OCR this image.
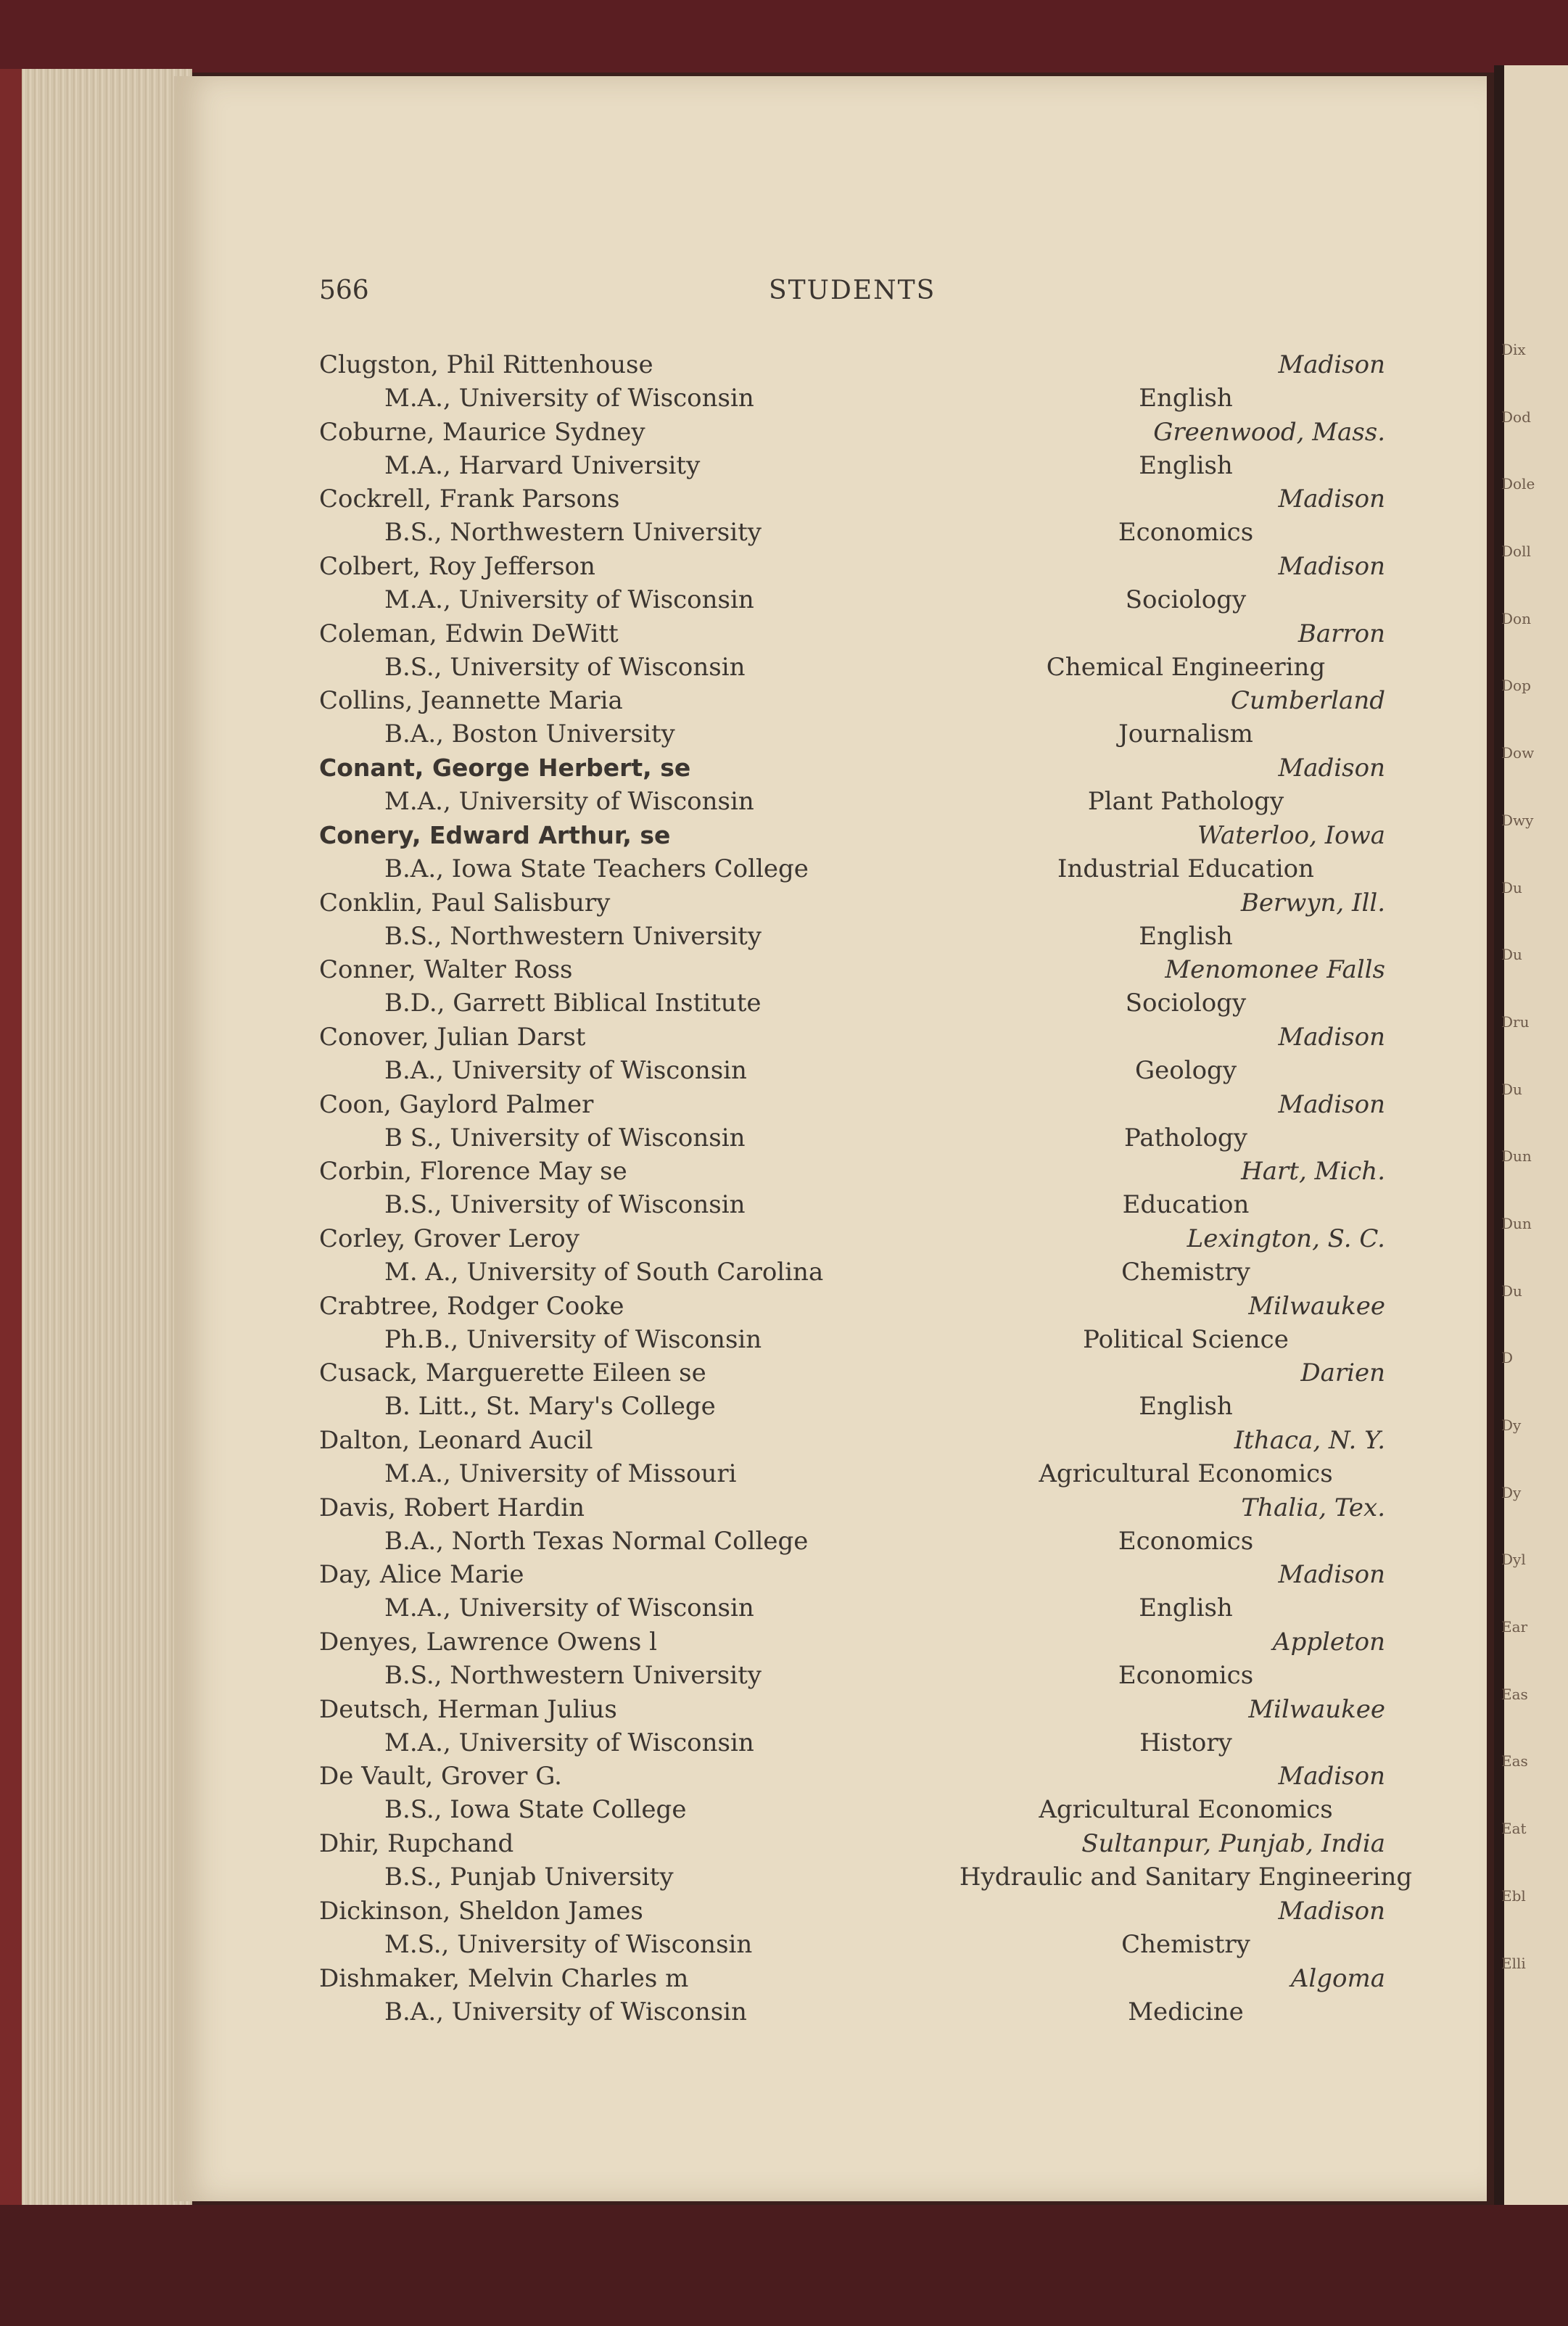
566	STUDENTS
Clugston, Phil Rittenhouse	Madison
M.A., University of Wisconsin	English
Coburne, Maurice Sydney	Greenwood, Mass.
M.A., Harvard University	English
Cockrell, Frank Parsons	Madison
B.S., Northwestern University	Economics
Colbert, Roy Jefferson	Madison
M.A., University of Wisconsin	Sociology
Coleman, Edwin DeWitt	Barron
B.S., University of Wisconsin	Chemical Engineering
Collins, Jeannette Maria	Cumberland
B.A., Boston University	Journalism
Conant, George Herbert, se	Madison
M.A., University of Wisconsin	Plant Pathology
Conery, Edward Arthur, se	Waterloo, Iowa
B.A., Iowa State Teachers College	Industrial Education
Conklin, Paul Salisbury	Berwyn, Ill.
B.S., Northwestern University	English
Conner, Walter Ross	Menomonee Falls
B.D., Garrett Biblical Institute	Sociology
Conover, Julian Darst	Madison
B.A., University of Wisconsin	Geology
Coon, Gaylord Palmer	Madison
B S., University of Wisconsin	Pathology
Corbin, Florence May se	Hart, Mich.
B.S., University of Wisconsin	Education
Corley, Grover Leroy	Lexington, S. C.
M. A., University of South Carolina	Chemistry
Crabtree, Rodger Cooke	Milwaukee
Ph.B., University of Wisconsin	Political Science
Cusack, Marguerette Eileen se	Darien
B. Litt., St. Mary's College	English
Dalton, Leonard Aucil	Ithaca, N. Y.
M.A., University of Missouri	Agricultural Economics
Davis, Robert Hardin	Thalia, Tex.
B.A., North Texas Normal College	Economics
Day, Alice Marie	Madison
M.A., University of Wisconsin	English
Denyes, Lawrence Owens l	Appleton
B.S., Northwestern University	Economics
Deutsch, Herman Julius	Milwaukee
M.A., University of Wisconsin	History
De Vault, Grover G.	Madison
B.S., Iowa State College	Agricultural Economics
Dhir, Rupchand	Sultanpur, Punjab, India
B.S., Punjab University	Hydraulic and Sanitary Engineering
Dickinson, Sheldon James	Madison
M.S., University of Wisconsin	Chemistry
Dishmaker, Melvin Charles m	Algoma
B.A., University of Wisconsin	Medicine
Dix
Dod
Dole
Doll
Don
Dop
Dow
Dwy
Du
Du
Dru
Du
Dun
Dun
Du
D
Dy
Dy
Dyl
Ear
Eas
Eas
Eat
Ebl
Elli
